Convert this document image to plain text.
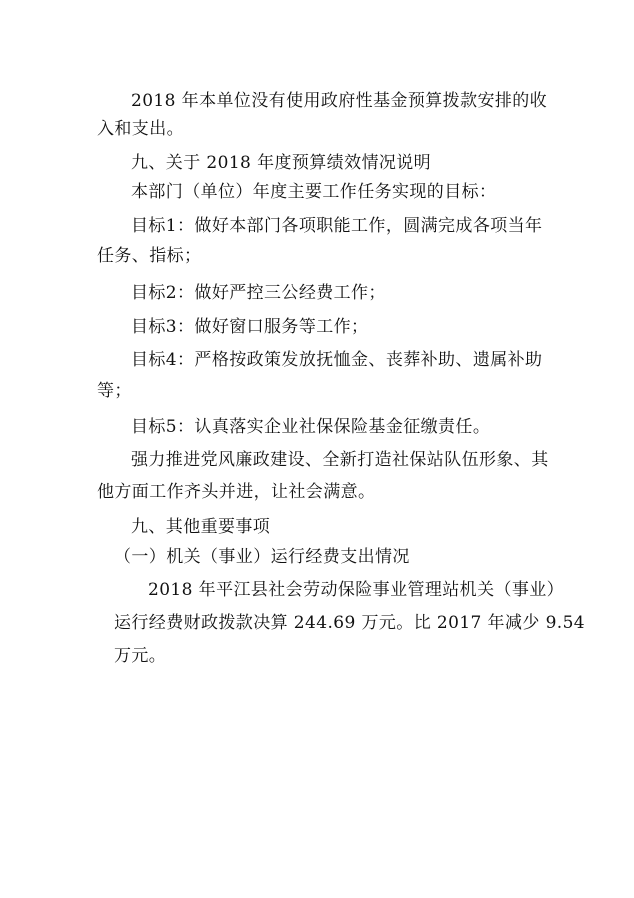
2018 年本单位没有使用政府性基金预算拨款安排的收
入和支出。
九、关于 2018 年度预算绩效情况说明
本部门（单位）年度主要工作任务实现的目标：
目标1：做好本部门各项职能工作，圆满完成各项当年
任务、指标；
目标2：做好严控三公经费工作；
目标3：做好窗口服务等工作；
目标4：严格按政策发放抚恤金、丧葬补助、遗属补助
等；
目标5：认真落实企业社保保险基金征缴责任。
强力推进党风廉政建设、全新打造社保站队伍形象、其
他方面工作齐头并进，让社会满意。
九、其他重要事项
（一）机关（事业）运行经费支出情况
2018 年平江县社会劳动保险事业管理站机关（事业）
运行经费财政拨款决算 244.69 万元。比 2017 年减少 9.54
万元。
